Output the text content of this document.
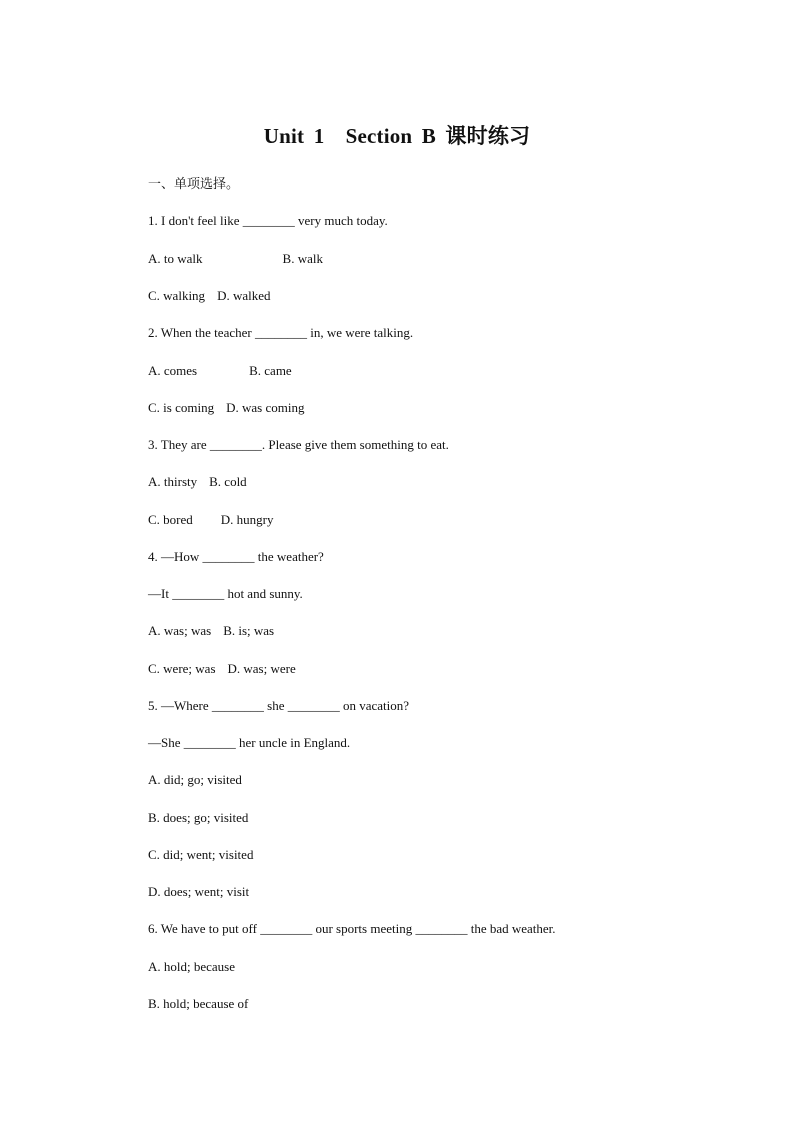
Unit 1　Section B 课时练习
一、单项选择。
1. I don't feel like ________ very much today.
A. to walk	B. walk
C. walking D. walked
2. When the teacher ________ in, we were talking.
A. comes	B. came
C. is coming D. was coming
3. They are ________. Please give them something to eat.
A. thirsty B. cold
C. bored D. hungry
4. —How ________ the weather?
—It ________ hot and sunny.
A. was; was B. is; was
C. were; was D. was; were
5. —Where ________ she ________ on vacation?
—She ________ her uncle in England.
A. did; go; visited
B. does; go; visited
C. did; went; visited
D. does; went; visit
6. We have to put off ________ our sports meeting ________ the bad weather.
A. hold; because
B. hold; because of
